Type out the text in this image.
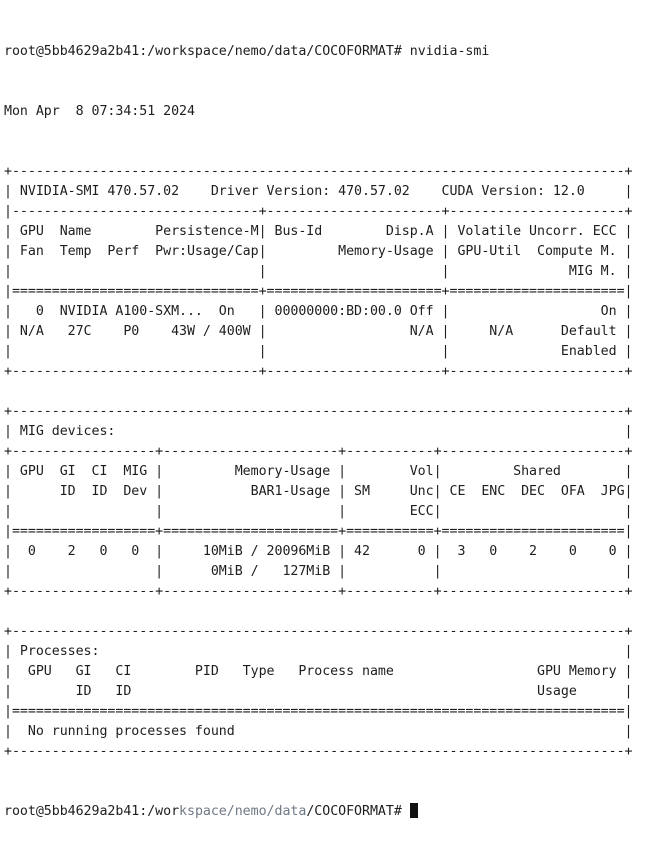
root@5bb4629a2b41:/workspace/nemo/data/COCOFORMAT# nvidia-smi

Mon Apr  8 07:34:51 2024

+-----------------------------------------------------------------------------+
| NVIDIA-SMI 470.57.02    Driver Version: 470.57.02    CUDA Version: 12.0     |
|-------------------------------+----------------------+----------------------+
| GPU  Name        Persistence-M| Bus-Id        Disp.A | Volatile Uncorr. ECC |
| Fan  Temp  Perf  Pwr:Usage/Cap|         Memory-Usage | GPU-Util  Compute M. |
|                               |                      |               MIG M. |
|===============================+======================+======================|
|   0  NVIDIA A100-SXM...  On   | 00000000:BD:00.0 Off |                   On |
| N/A   27C    P0    43W / 400W |                  N/A |     N/A      Default |
|                               |                      |              Enabled |
+-------------------------------+----------------------+----------------------+

+-----------------------------------------------------------------------------+
| MIG devices:                                                                |
+------------------+----------------------+-----------+-----------------------+
| GPU  GI  CI  MIG |         Memory-Usage |        Vol|         Shared        |
|      ID  ID  Dev |           BAR1-Usage | SM     Unc| CE  ENC  DEC  OFA  JPG|
|                  |                      |        ECC|                       |
|==================+======================+===========+=======================|
|  0    2   0   0  |     10MiB / 20096MiB | 42      0 |  3   0    2    0    0 |
|                  |      0MiB /   127MiB |           |                       |
+------------------+----------------------+-----------+-----------------------+

+-----------------------------------------------------------------------------+
| Processes:                                                                  |
|  GPU   GI   CI        PID   Type   Process name                  GPU Memory |
|        ID   ID                                                   Usage      |
|=============================================================================|
|  No running processes found                                                 |
+-----------------------------------------------------------------------------+

root@5bb4629a2b41:/workspace/nemo/data/COCOFORMAT#
